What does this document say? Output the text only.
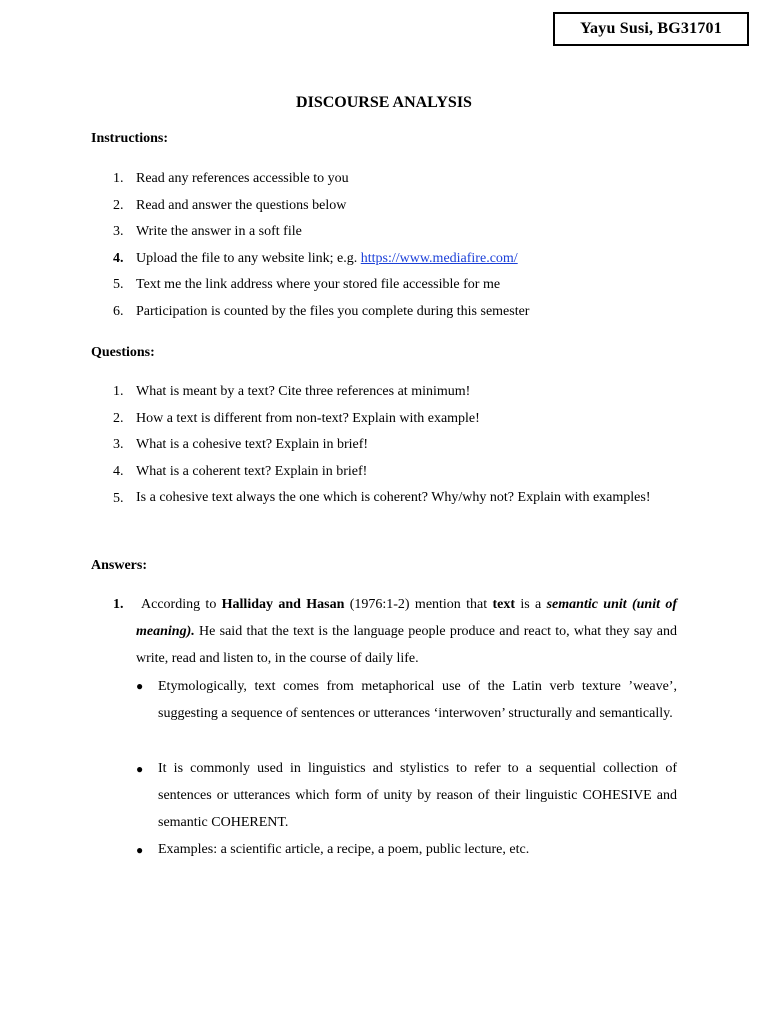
Yayu Susi, BG31701
DISCOURSE ANALYSIS
Instructions:
1. Read any references accessible to you
2. Read and answer the questions below
3. Write the answer in a soft file
4. Upload the file to any website link; e.g. https://www.mediafire.com/
5. Text me the link address where your stored file accessible for me
6. Participation is counted by the files you complete during this semester
Questions:
1. What is meant by a text? Cite three references at minimum!
2. How a text is different from non-text? Explain with example!
3. What is a cohesive text? Explain in brief!
4. What is a coherent text? Explain in brief!
5. Is a cohesive text always the one which is coherent? Why/why not? Explain with examples!
Answers:
1.	According to Halliday and Hasan (1976:1-2) mention that text is a semantic unit (unit of meaning). He said that the text is the language people produce and react to, what they say and write, read and listen to, in the course of daily life.
● Etymologically, text comes from metaphorical use of the Latin verb texture ’weave’, suggesting a sequence of sentences or utterances ‘interwoven’ structurally and semantically.
● It is commonly used in linguistics and stylistics to refer to a sequential collection of sentences or utterances which form of unity by reason of their linguistic COHESIVE and semantic COHERENT.
● Examples: a scientific article, a recipe, a poem, public lecture, etc.
